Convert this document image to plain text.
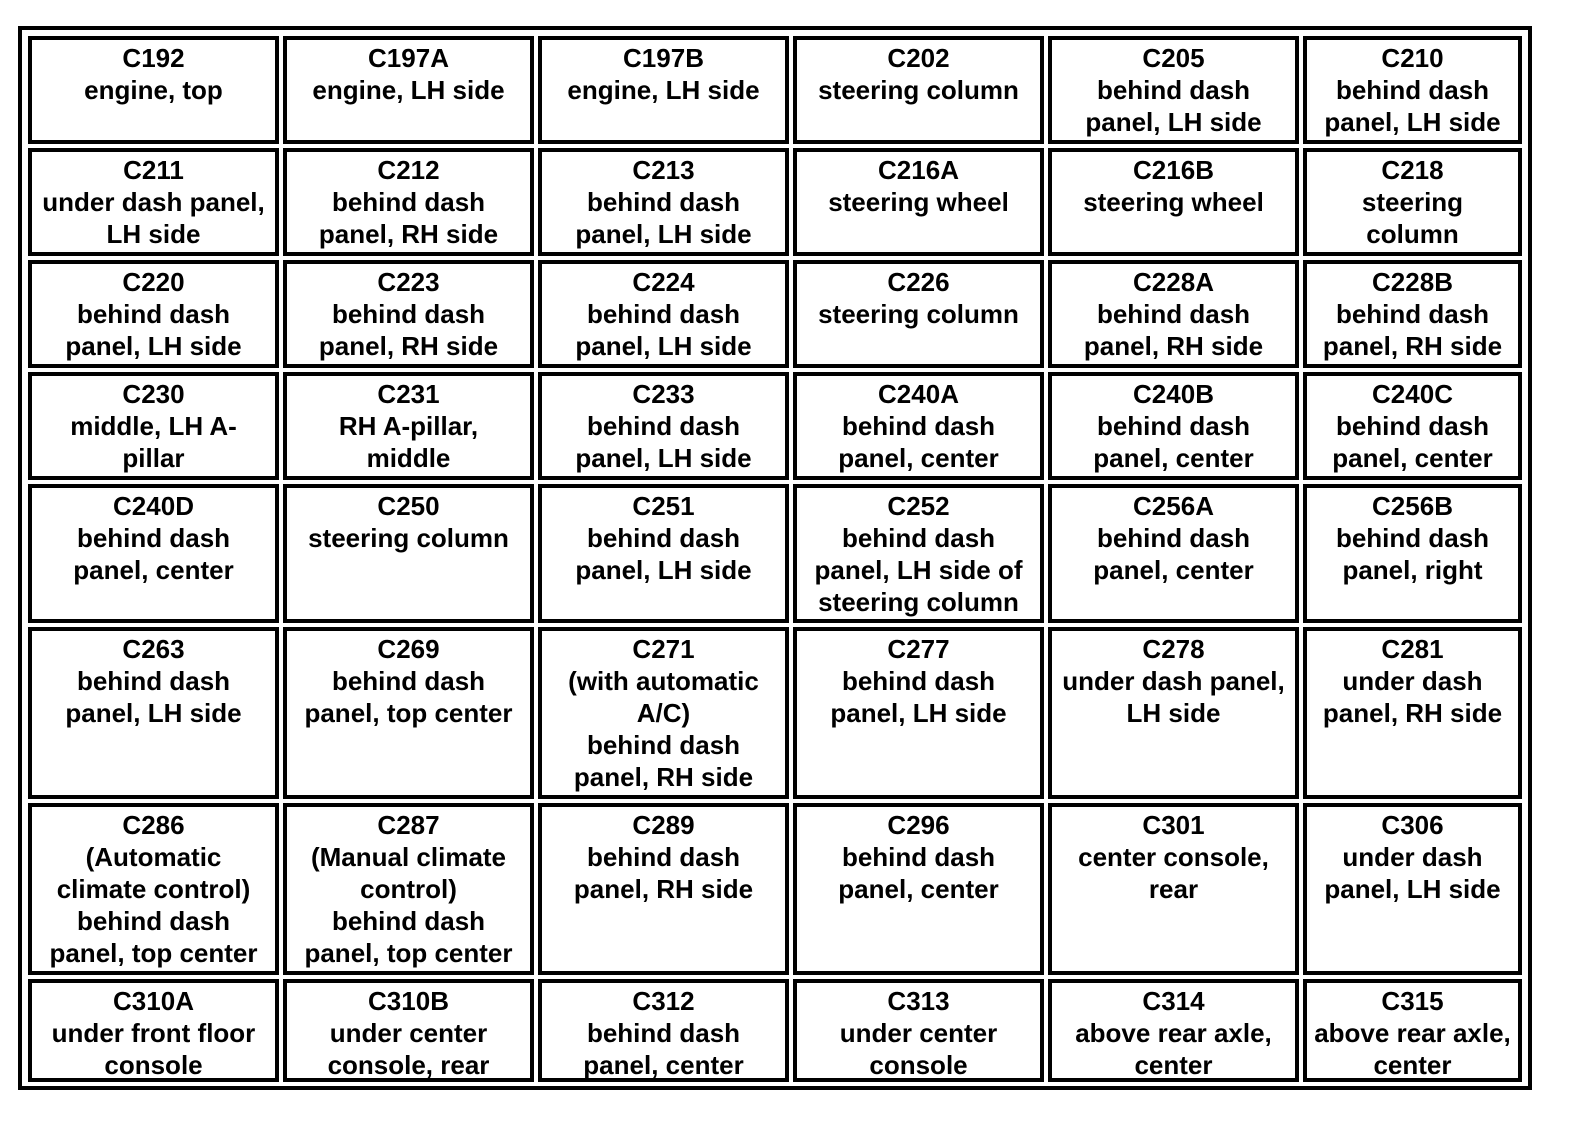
C192
engine, top
C197A
engine, LH side
C197B
engine, LH side
C202
steering column
C205
behind dash
panel, LH side
C210
behind dash
panel, LH side
C211
under dash panel,
LH side
C212
behind dash
panel, RH side
C213
behind dash
panel, LH side
C216A
steering wheel
C216B
steering wheel
C218
steering
column
C220
behind dash
panel, LH side
C223
behind dash
panel, RH side
C224
behind dash
panel, LH side
C226
steering column
C228A
behind dash
panel, RH side
C228B
behind dash
panel, RH side
C230
middle, LH A-
pillar
C231
RH A-pillar,
middle
C233
behind dash
panel, LH side
C240A
behind dash
panel, center
C240B
behind dash
panel, center
C240C
behind dash
panel, center
C240D
behind dash
panel, center
C250
steering column
C251
behind dash
panel, LH side
C252
behind dash
panel, LH side of
steering column
C256A
behind dash
panel, center
C256B
behind dash
panel, right
C263
behind dash
panel, LH side
C269
behind dash
panel, top center
C271
(with automatic
A/C)
behind dash
panel, RH side
C277
behind dash
panel, LH side
C278
under dash panel,
LH side
C281
under dash
panel, RH side
C286
(Automatic
climate control)
behind dash
panel, top center
C287
(Manual climate
control)
behind dash
panel, top center
C289
behind dash
panel, RH side
C296
behind dash
panel, center
C301
center console,
rear
C306
under dash
panel, LH side
C310A
under front floor
console
C310B
under center
console, rear
C312
behind dash
panel, center
C313
under center
console
C314
above rear axle,
center
C315
above rear axle,
center
